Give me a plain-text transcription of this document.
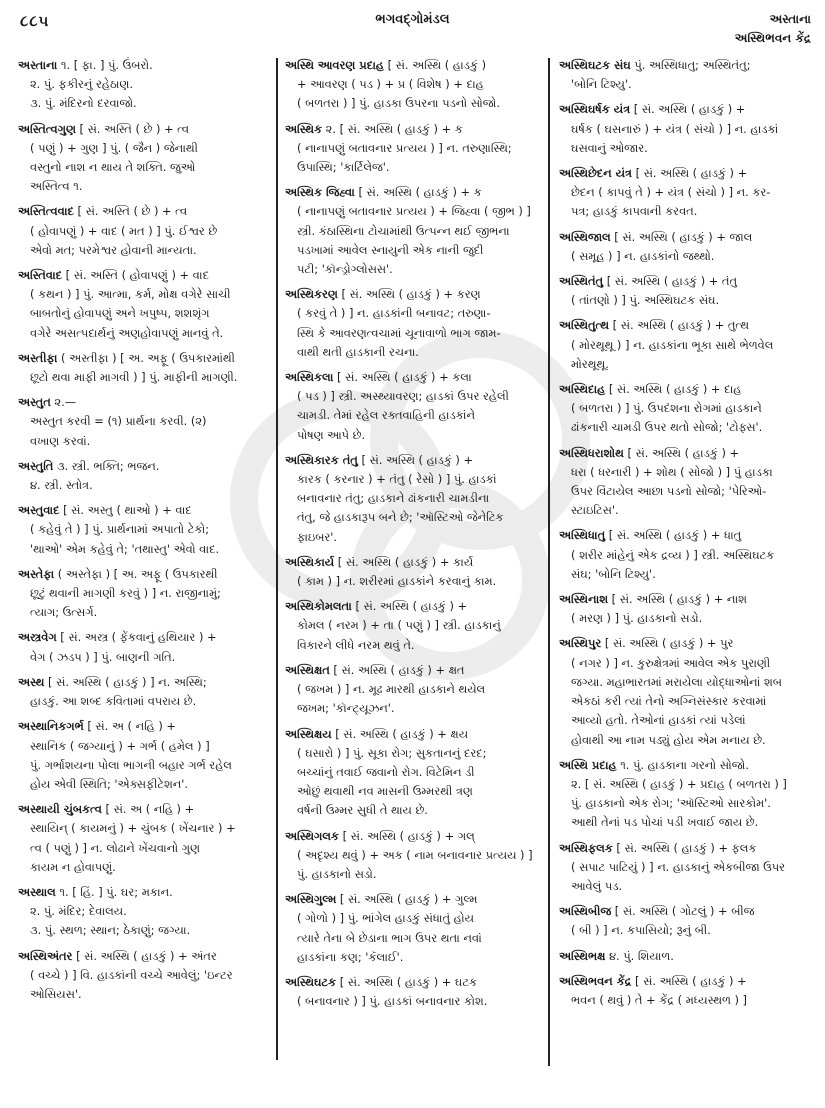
૮૮૫	ભગવદ્ગોમંડલ	અસ્તાના
અસ્થિભવન કેંદ્ર
અસ્તાના ૧. [ ફા. ] પું. ઉંબરો.
૨. પું. ફકીરનું રહેઠાણ.
૩. પું. મંદિરનો દરવાજો.
અસ્તિત્વગુણ [ સં. અસ્તિ ( છે ) + ત્વ
( પણું ) + ગુણ ] પું. ( જૈન ) જેનાથી
વસ્તુનો નાશ ન થાય તે શક્તિ. જુઓ
અસ્તિત્વ ૧.
અસ્તિત્વવાદ [ સં. અસ્તિ ( છે ) + ત્વ
( હોવાપણું ) + વાદ ( મત ) ] પું. ઈશ્વર છે
એવો મત; પરમેશ્વર હોવાની માન્યતા.
અસ્તિવાદ [ સં. અસ્તિ ( હોવાપણું ) + વાદ
( કથન ) ] પું. આત્મા, કર્મ, મોક્ષ વગેરે સાચી
બાબતોનું હોવાપણું અને ખપુષ્પ, શશશૃંગ
વગેરે અસત્પદાર્થનું અણહોવાપણું માનવું તે.
અસ્તીફા ( અસ્તીફા ) [ અ. અફૂ ( ઉપકારમાંથી
છૂટો થવા માફી માગવી ) ] પું. માફીની માગણી.
અસ્તુત ૨.—
અસ્તુત કરવી = (૧) પ્રાર્થના કરવી. (૨)
વખાણ કરવાં.
અસ્તુતિ ૩. સ્ત્રી. ભક્તિ; ભજન.
૪. સ્ત્રી. સ્તોત્ર.
અસ્તુવાદ [ સં. અસ્તુ ( થાઓ ) + વાદ
( કહેવું તે ) ] પું. પ્રાર્થનામાં અપાતો ટેકો;
'થાઓ' એમ કહેવું તે; 'તથાસ્તુ' એવો વાદ.
અસ્તેફા ( અસ્તેફા ) [ અ. અફૂ ( ઉપકારથી
છૂટું થવાની માગણી કરવું ) ] ન. રાજીનામું;
ત્યાગ; ઉત્સર્ગ.
અસ્ત્રવેગ [ સં. અસ્ત્ર ( ફેંકવાનું હથિયાર ) +
વેગ ( ઝડપ ) ] પું. બાણની ગતિ.
અસ્થ [ સં. અસ્થિ ( હાડકું ) ] ન. અસ્થિ;
હાડકું. આ શબ્દ કવિતામાં વપરાય છે.
અસ્થાનિકગર્ભ [ સં. અ ( નહિ ) +
સ્થાનિક ( જગ્યાનું ) + ગર્ભ ( હમેલ ) ]
પું. ગર્ભાશયના પોલા ભાગની બહાર ગર્ભ રહેલ
હોય એવી સ્થિતિ; 'એક્સફીટેશન'.
અસ્થાયી ચુંબકત્વ [ સં. અ ( નહિ ) +
સ્થાયિન્ ( કાયમનું ) + ચુંબક ( ખેંચનાર ) +
ત્વ ( પણું ) ] ન. લોઢાને ખેંચવાનો ગુણ
કાયમ ન હોવાપણું.
અસ્થાલ ૧. [ હિં. ] પું. ઘર; મકાન.
૨. પું. મંદિર; દેવાલય.
૩. પું. સ્થળ; સ્થાન; ઠેકાણું; જગ્યા.
અસ્થિઅંતર [ સં. અસ્થિ ( હાડકું ) + અંતર
( વચ્ચે ) ] વિ. હાડકાંની વચ્ચે આવેલું; 'ઇન્ટર
ઓસિયસ'.
અસ્થિ આવરણ પ્રદાહ [ સં. અસ્થિ ( હાડકું )
+ આવરણ ( પડ ) + પ્ર ( વિશેષ ) + દાહ
( બળતરા ) ] પું. હાડકા ઉપરના પડનો સોજો.
અસ્થિક ૨. [ સં. અસ્થિ ( હાડકું ) + ક
( નાનાપણું બતાવનાર પ્રત્યય ) ] ન. તરુણાસ્થિ;
ઉપાસ્થિ; 'કાર્ટિલેજ'.
અસ્થિક જિહ્વા [ સં. અસ્થિ ( હાડકું ) + ક
( નાનાપણું બતાવનાર પ્રત્યય ) + જિહ્વા ( જીભ ) ]
સ્ત્રી. કંઠાસ્થિના ટોચામાંથી ઉત્પન્ન થઈ જીભના
પડખામાં આવેલ સ્નાયુની એક નાની જુદી
પટી; 'કૉન્ડ્રોગ્લોસસ'.
અસ્થિકરણ [ સં. અસ્થિ ( હાડકું ) + કરણ
( કરવું તે ) ] ન. હાડકાંની બનાવટ; તરુણા-
સ્થિ કે આવરણત્વચામાં ચૂનાવાળો ભાગ જામ-
વાથી થતી હાડકાની રચના.
અસ્થિકલા [ સં. અસ્થિ ( હાડકું ) + કલા
( પડ ) ] સ્ત્રી. અસ્થ્યાવરણ; હાડકાં ઉપર રહેલી
ચામડી. તેમાં રહેલ રક્તવાહિની હાડકાંને
પોષણ આપે છે.
અસ્થિકારક તંતુ [ સં. અસ્થિ ( હાડકું ) +
કારક ( કરનાર ) + તંતુ ( રેસો ) ] પું. હાડકાં
બનાવનાર તંતુ; હાડકાને ઢાંકનારી ચામડીના
તંતુ, જે હાડકારૂપ બને છે; 'ઑસ્ટિઓ જેનેટિક
ફાઇબર'.
અસ્થિકાર્ય [ સં. અસ્થિ ( હાડકું ) + કાર્ય
( કામ ) ] ન. શરીરમાં હાડકાંને કરવાનું કામ.
અસ્થિકોમલતા [ સં. અસ્થિ ( હાડકું ) +
કોમલ ( નરમ ) + તા ( પણું ) ] સ્ત્રી. હાડકાનું
વિકારને લીધે નરમ થવું તે.
અસ્થિક્ષત [ સં. અસ્થિ ( હાડકું ) + ક્ષત
( જખમ ) ] ન. મૂઢ મારથી હાડકાને થયેલ
જખમ; 'કૉન્ટ્યૂઝન'.
અસ્થિક્ષય [ સં. અસ્થિ ( હાડકું ) + ક્ષય
( ઘસારો ) ] પું. સૂકા રોગ; સુકતાનનું દરદ;
બચ્ચાંનું તવાઈ જવાનો રોગ. વિટેમિન ડી
ઓછું થવાથી નવ માસની ઉમ્મરથી ત્રણ
વર્ષની ઉમ્મર સુધી તે થાય છે.
અસ્થિગલક [ સં. અસ્થિ ( હાડકું ) + ગલ્
( અદૃશ્ય થવું ) + અક ( નામ બનાવનાર પ્રત્યય ) ]
પું. હાડકાનો સડો.
અસ્થિગુલ્મ [ સં. અસ્થિ ( હાડકું ) + ગુલ્મ
( ગોળો ) ] પું. ભાંગેલ હાડકું સંધાતું હોય
ત્યારે તેના બે છેડાના ભાગ ઉપર થતા નવાં
હાડકાંના કણ; 'કૅલાઈ'.
અસ્થિઘટક [ સં. અસ્થિ ( હાડકું ) + ઘટક
( બનાવનાર ) ] પું. હાડકાં બનાવનાર કોશ.
અસ્થિઘટક સંઘ પું. અસ્થિધાતુ; અસ્થિતંતુ;
'બોનિ ટિશ્યુ'.
અસ્થિઘર્ષક યંત્ર [ સં. અસ્થિ ( હાડકું ) +
ઘર્ષક ( ઘસનારું ) + યંત્ર ( સંચો ) ] ન. હાડકાં
ઘસવાનું ઓજાર.
અસ્થિછેદન યંત્ર [ સં. અસ્થિ ( હાડકું ) +
છેદન ( કાપવું તે ) + યંત્ર ( સંચો ) ] ન. કર-
પત્ર; હાડકું કાપવાની કરવત.
અસ્થિજાલ [ સં. અસ્થિ ( હાડકું ) + જાલ
( સમૂહ ) ] ન. હાડકાંનો જથ્થો.
અસ્થિતંતુ [ સં. અસ્થિ ( હાડકું ) + તંતુ
( તાંતણો ) ] પું. અસ્થિઘટક સંઘ.
અસ્થિતુત્થ [ સં. અસ્થિ ( હાડકું ) + તુત્થ
( મોરથૂથૂ ) ] ન. હાડકાંના ભૂકા સાથે ભેળવેલ
મોરથૂથૂ.
અસ્થિદાહ [ સં. અસ્થિ ( હાડકું ) + દાહ
( બળતરા ) ] પું. ઉપદંશના રોગમાં હાડકાને
ઢાંકનારી ચામડી ઉપર થતો સોજો; 'ટોફ્સ'.
અસ્થિધરાશોથ [ સં. અસ્થિ ( હાડકું ) +
ધરા ( ધરનારી ) + શોથ ( સોજો ) ] પું હાડકા
ઉપર વિંટાયેલ આછા પડનો સોજો; 'પેરિઓ-
સ્ટાઇટિસ'.
અસ્થિધાતુ [ સં. અસ્થિ ( હાડકું ) + ધાતુ
( શરીર માંહેનું એક દ્રવ્ય ) ] સ્ત્રી. અસ્થિઘટક
સંઘ; 'બોનિ ટિશ્યુ'.
અસ્થિનાશ [ સં. અસ્થિ ( હાડકું ) + નાશ
( મરણ ) ] પું. હાડકાનો સડો.
અસ્થિપુર [ સં. અસ્થિ ( હાડકું ) + પુર
( નગર ) ] ન. કુરુક્ષેત્રમાં આવેલ એક પુરાણી
જગ્યા. મહાભારતમાં મરાયેલા યોદ્ધાઓનાં શબ
એકઠાં કરી ત્યાં તેનો અગ્નિસંસ્કાર કરવામાં
આવ્યો હતો. તેઓનાં હાડકાં ત્યાં પડેલાં
હોવાથી આ નામ પડ્યું હોય એમ મનાય છે.
અસ્થિ પ્રદાહ ૧. પું. હાડકાના ગરનો સોજો.
૨. [ સં. અસ્થિ ( હાડકું ) + પ્રદાહ ( બળતરા ) ]
પું. હાડકાનો એક રોગ; 'ઑસ્ટિઓ સારકોમ'.
આથી તેનાં પડ પોચાં પડી ખવાઈ જાય છે.
અસ્થિફલક [ સં. અસ્થિ ( હાડકું ) + ફલક
( સપાટ પાટિયું ) ] ન. હાડકાનું એકબીજા ઉપર
આવેલું પડ.
અસ્થિબીજ [ સં. અસ્થિ ( ગોટલું ) + બીજ
( બી ) ] ન. કપાસિયો; રૂનું બી.
અસ્થિભક્ષ ૪. પું. શિયાળ.
અસ્થિભવન કેંદ્ર [ સં. અસ્થિ ( હાડકું ) +
ભવન ( થવું ) તે + કેંદ્ર ( મધ્યસ્થળ ) ]
